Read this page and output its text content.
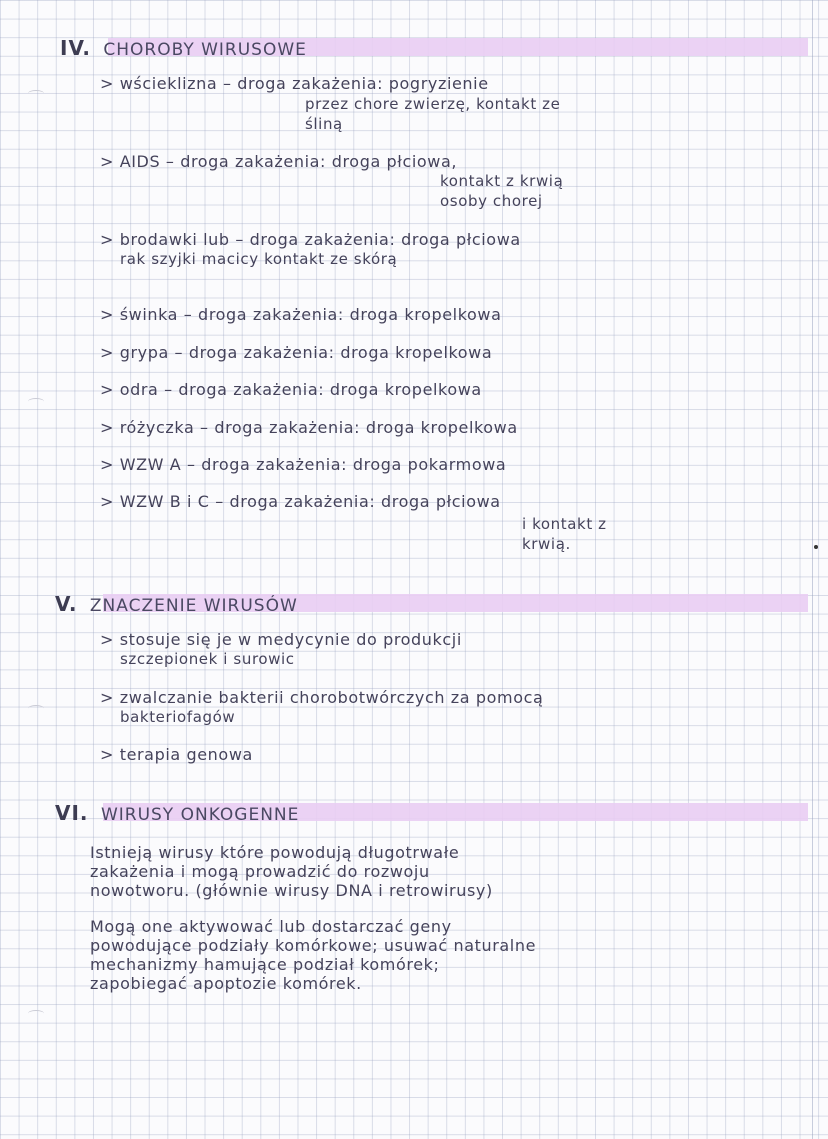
IV. CHOROBY WIRUSOWE
> wścieklizna – droga zakażenia: pogryzienie
przez chore zwierzę, kontakt ze
śliną
> AIDS – droga zakażenia: droga płciowa,
kontakt z krwią
osoby chorej
> brodawki lub – droga zakażenia: droga płciowa
rak szyjki macicy kontakt ze skórą
> świnka – droga zakażenia: droga kropelkowa
> grypa – droga zakażenia: droga kropelkowa
> odra – droga zakażenia: droga kropelkowa
> różyczka – droga zakażenia: droga kropelkowa
> WZW A – droga zakażenia: droga pokarmowa
> WZW B i C – droga zakażenia: droga płciowa
i kontakt z
krwią.
V. ZNACZENIE WIRUSÓW
> stosuje się je w medycynie do produkcji
szczepionek i surowic
> zwalczanie bakterii chorobotwórczych za pomocą
bakteriofagów
> terapia genowa
VI. WIRUSY ONKOGENNE
Istnieją wirusy które powodują długotrwałe
zakażenia i mogą prowadzić do rozwoju
nowotworu. (głównie wirusy DNA i retrowirusy)
Mogą one aktywować lub dostarczać geny
powodujące podziały komórkowe; usuwać naturalne
mechanizmy hamujące podział komórek;
zapobiegać apoptozie komórek.
